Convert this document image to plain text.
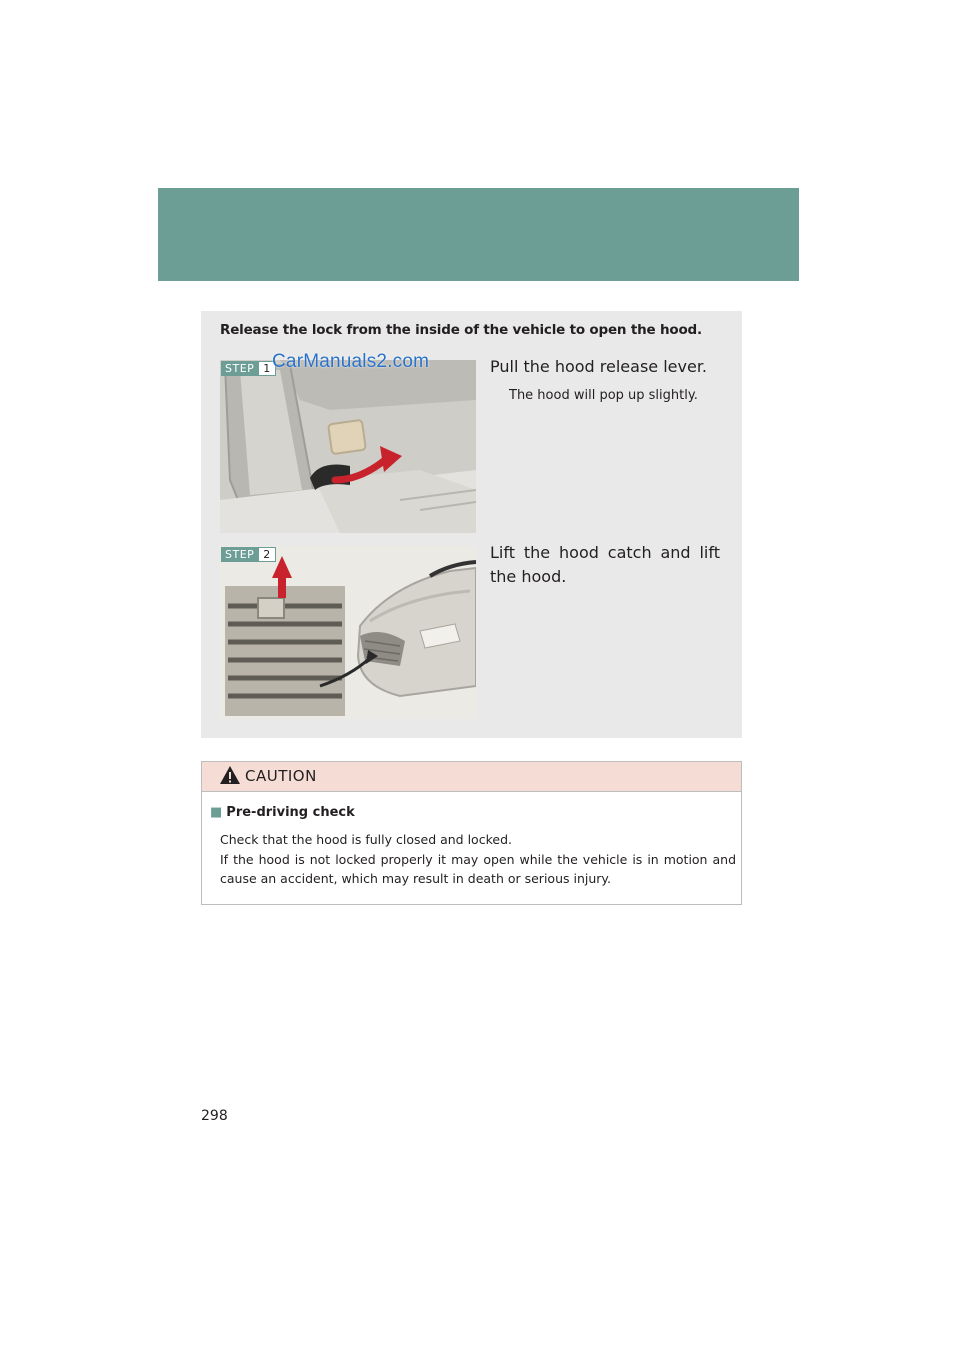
Release the lock from the inside of the vehicle to open the hood.
CarManuals2.com
STEP 1	Pull the hood release lever.
The hood will pop up slightly.
STEP 2	Lift the hood catch and lift the hood.
CAUTION
■ Pre-driving check
Check that the hood is fully closed and locked.
If the hood is not locked properly it may open while the vehicle is in motion and cause an accident, which may result in death or serious injury.
298
